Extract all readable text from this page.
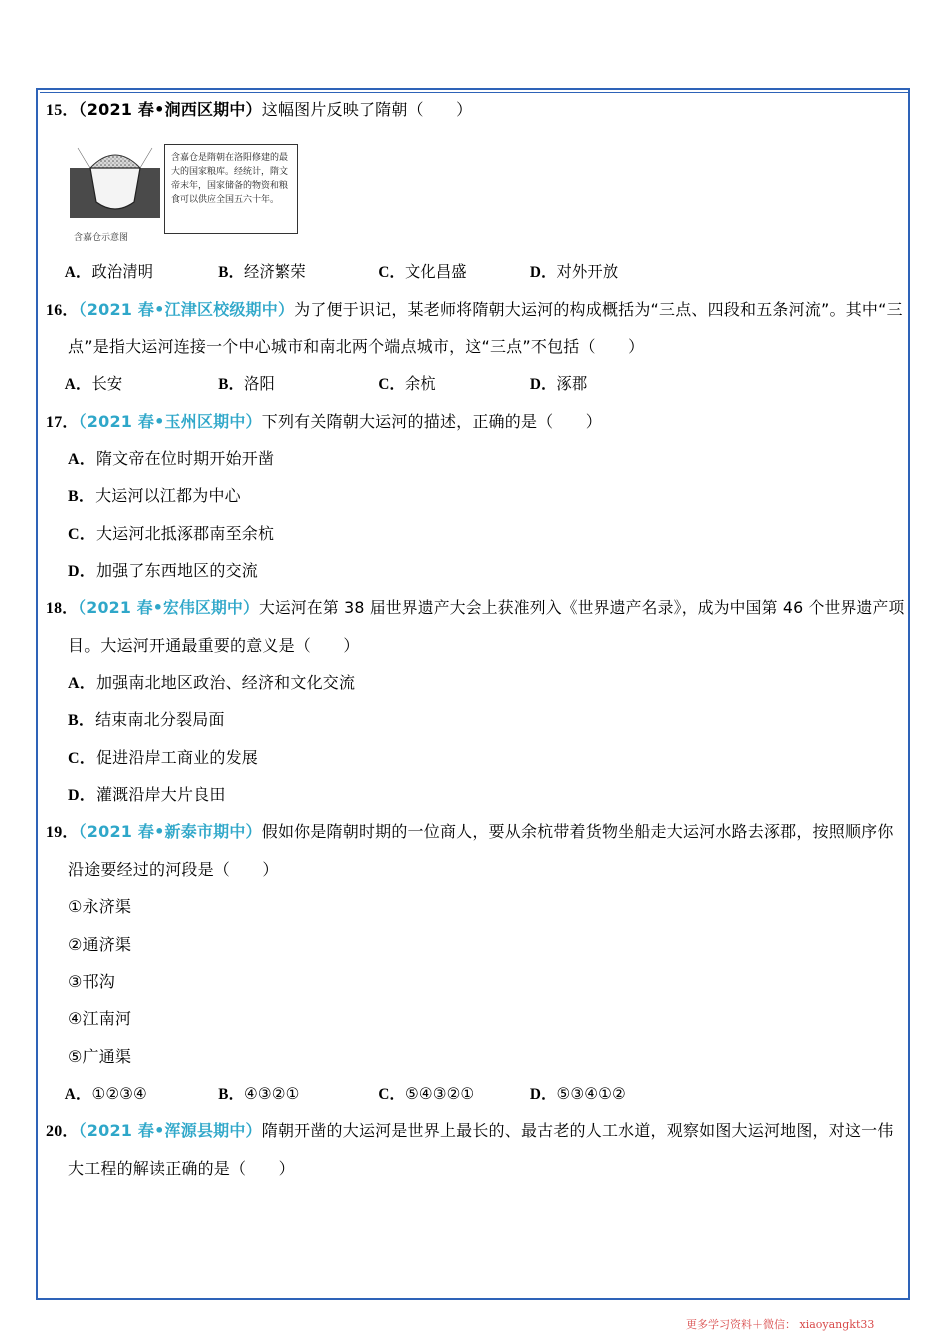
15．（2021 春•涧西区期中）这幅图片反映了隋朝（　　）
含嘉仓示意图
含嘉仓是隋朝在洛阳修建的最大的国家粮库。经统计，隋文帝末年，国家储备的物资和粮食可以供应全国五六十年。
A．政治清明	B．经济繁荣	C．文化昌盛	D．对外开放
16．（2021 春•江津区校级期中）为了便于识记，某老师将隋朝大运河的构成概括为“三点、四段和五条河流”。其中“三
点”是指大运河连接一个中心城市和南北两个端点城市，这“三点”不包括（　　）
A．长安	B．洛阳	C．余杭	D．涿郡
17．（2021 春•玉州区期中）下列有关隋朝大运河的描述，正确的是（　　）
A．隋文帝在位时期开始开凿
B．大运河以江都为中心
C．大运河北抵涿郡南至余杭
D．加强了东西地区的交流
18．（2021 春•宏伟区期中）大运河在第 38 届世界遗产大会上获准列入《世界遗产名录》，成为中国第 46 个世界遗产项
目。大运河开通最重要的意义是（　　）
A．加强南北地区政治、经济和文化交流
B．结束南北分裂局面
C．促进沿岸工商业的发展
D．灌溉沿岸大片良田
19．（2021 春•新泰市期中）假如你是隋朝时期的一位商人，要从余杭带着货物坐船走大运河水路去涿郡，按照顺序你
沿途要经过的河段是（　　）
①永济渠
②通济渠
③邗沟
④江南河
⑤广通渠
A．①②③④	B．④③②①	C．⑤④③②①	D．⑤③④①②
20．（2021 春•浑源县期中）隋朝开凿的大运河是世界上最长的、最古老的人工水道，观察如图大运河地图，对这一伟
大工程的解读正确的是（　　）
更多学习资料＋微信： xiaoyangkt33
